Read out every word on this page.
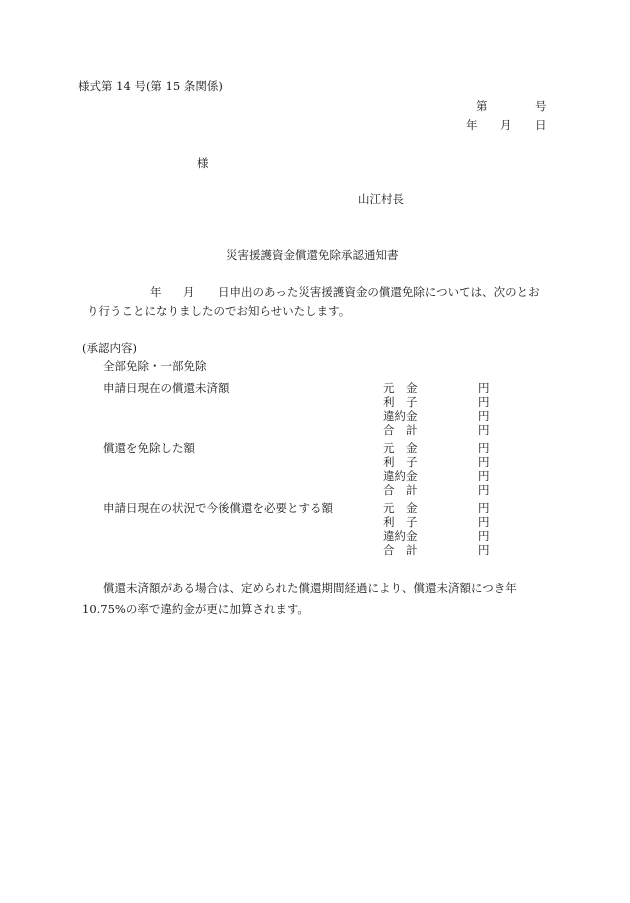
様式第 14 号(第 15 条関係)
第	号
年 月 日
様
山江村長
災害援護資金償還免除承認通知書
年 月 日申出のあった災害援護資金の償還免除については、次のとお
り行うことになりましたのでお知らせいたします。
(承認内容)
全部免除・一部免除
申請日現在の償還未済額	元　金	円
利　子	円
違約金	円
合　計	円
償還を免除した額	元　金	円
利　子	円
違約金	円
合　計	円
申請日現在の状況で今後償還を必要とする額	元　金	円
利　子	円
違約金	円
合　計	円
償還未済額がある場合は、定められた償還期間経過により、償還未済額につき年
10.75%の率で違約金が更に加算されます。
